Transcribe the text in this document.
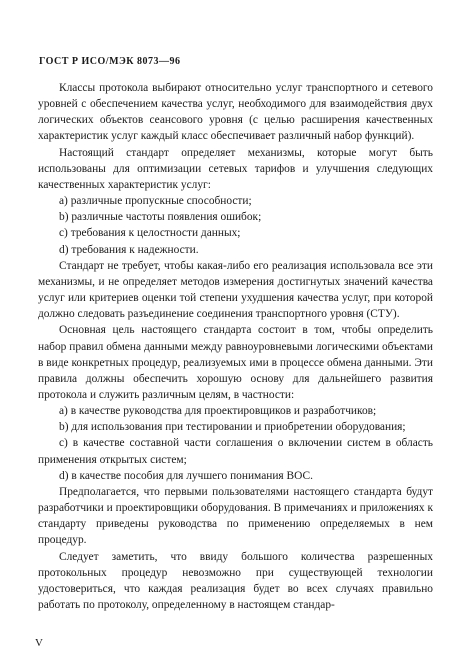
ГОСТ Р ИСО/МЭК 8073—96

Классы протокола выбирают относительно услуг транспортного и сетевого уровней с обеспечением качества услуг, необходимого для взаимодействия двух логических объектов сеансового уровня (с целью расширения качественных характеристик услуг каждый класс обеспечивает различный набор функций).

Настоящий стандарт определяет механизмы, которые могут быть использованы для оптимизации сетевых тарифов и улучшения следующих качественных характеристик услуг:

a) различные пропускные способности;

b) различные частоты появления ошибок;

c) требования к целостности данных;

d) требования к надежности.

Стандарт не требует, чтобы какая-либо его реализация использовала все эти механизмы, и не определяет методов измерения достигнутых значений качества услуг или критериев оценки той степени ухудшения качества услуг, при которой должно следовать разъединение соединения транспортного уровня (СТУ).

Основная цель настоящего стандарта состоит в том, чтобы определить набор правил обмена данными между равноуровневыми логическими объектами в виде конкретных процедур, реализуемых ими в процессе обмена данными. Эти правила должны обеспечить хорошую основу для дальнейшего развития протокола и служить различным целям, в частности:

a) в качестве руководства для проектировщиков и разработчиков;

b) для использования при тестировании и приобретении оборудования;

c) в качестве составной части соглашения о включении систем в область применения открытых систем;

d) в качестве пособия для лучшего понимания ВОС.

Предполагается, что первыми пользователями настоящего стандарта будут разработчики и проектировщики оборудования. В примечаниях и приложениях к стандарту приведены руководства по применению определяемых в нем процедур.

Следует заметить, что ввиду большого количества разрешенных протокольных процедур невозможно при существующей технологии удостовериться, что каждая реализация будет во всех случаях правильно работать по протоколу, определенному в настоящем стандар-

V
